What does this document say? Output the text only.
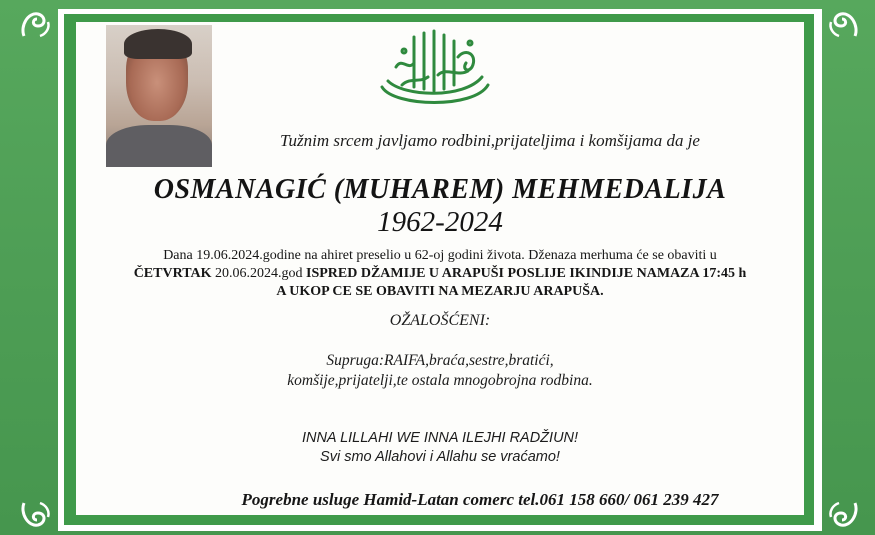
Tužnim srcem javljamo rodbini,prijateljima i komšijama da je
OSMANAGIĆ (MUHAREM) MEHMEDALIJA
1962-2024
Dana 19.06.2024.godine na ahiret preselio u 62-oj godini života. Dženaza merhuma će se obaviti u
ČETVRTAK 20.06.2024.god ISPRED DŽAMIJE U ARAPUŠI POSLIJE IKINDIJE NAMAZA 17:45 h
A UKOP CE SE OBAVITI NA MEZARJU ARAPUŠA.
OŽALOŠĆENI:
Supruga:RAIFA,braća,sestre,bratići,
komšije,prijatelji,te ostala mnogobrojna rodbina.
INNA LILLAHI WE INNA ILEJHI RADŽIUN!
Svi smo Allahovi i Allahu se vraćamo!
Pogrebne usluge Hamid-Latan comerc tel.061 158 660/ 061 239 427
